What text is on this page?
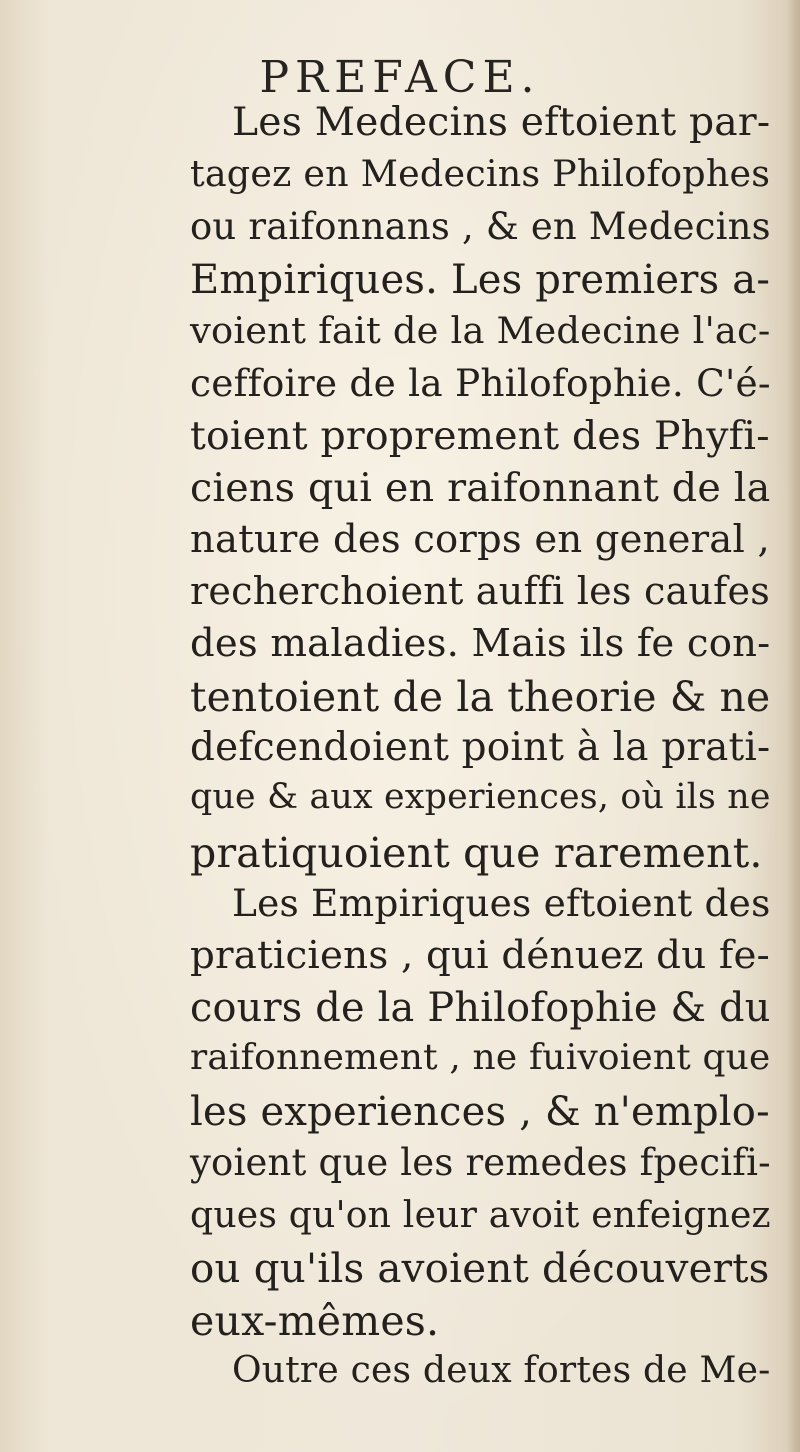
PREFACE.
Les Medecins eftoient par-
tagez en Medecins Philofophes
ou raifonnans , & en Medecins
Empiriques. Les premiers a-
voient fait de la Medecine l'ac-
ceffoire de la Philofophie. C'é-
toient proprement des Phyfi-
ciens qui en raifonnant de la
nature des corps en general ,
recherchoient auffi les caufes
des maladies. Mais ils fe con-
tentoient de la theorie & ne
defcendoient point à la prati-
que & aux experiences, où ils ne
pratiquoient que rarement.
Les Empiriques eftoient des
praticiens , qui dénuez du fe-
cours de la Philofophie & du
raifonnement , ne fuivoient que
les experiences , & n'emplo-
yoient que les remedes fpecifi-
ques qu'on leur avoit enfeignez
ou qu'ils avoient découverts
eux-mêmes.
Outre ces deux fortes de Me-
